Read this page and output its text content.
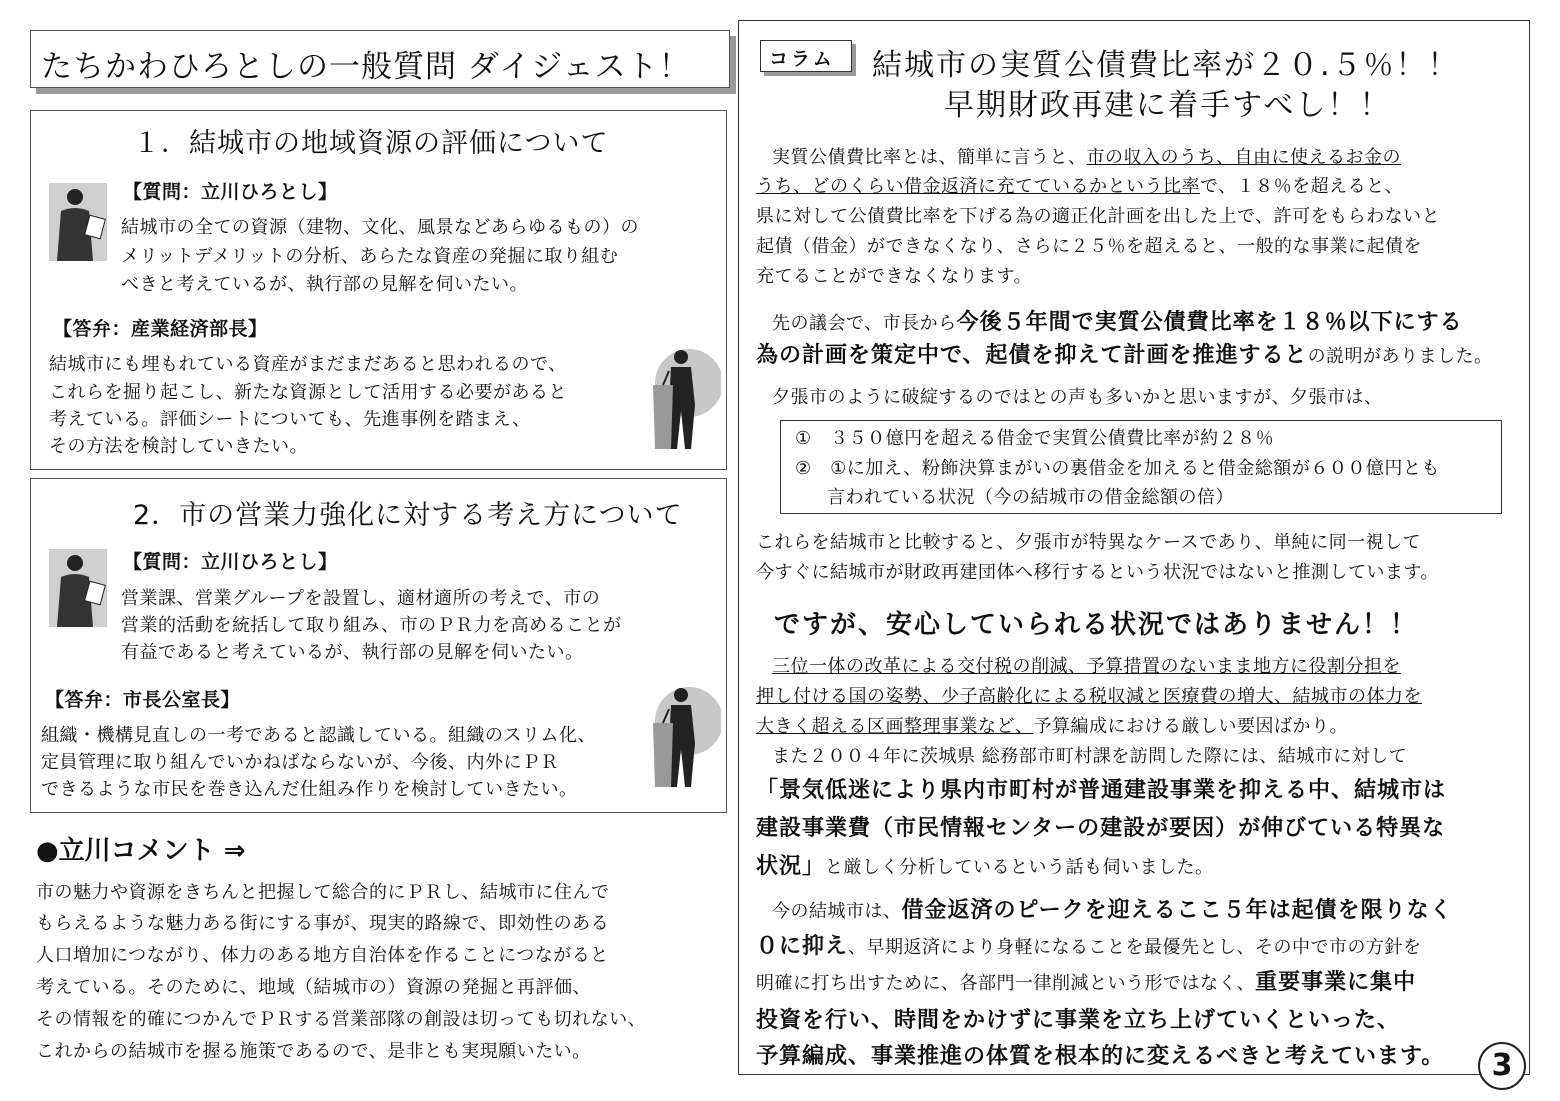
たちかわひろとしの一般質問 ダイジェスト！
１．結城市の地域資源の評価について
【質問：立川ひろとし】
結城市の全ての資源（建物、文化、風景などあらゆるもの）の
メリットデメリットの分析、あらたな資産の発掘に取り組む
べきと考えているが、執行部の見解を伺いたい。
【答弁：産業経済部長】
結城市にも埋もれている資産がまだまだあると思われるので、
これらを掘り起こし、新たな資源として活用する必要があると
考えている。評価シートについても、先進事例を踏まえ、
その方法を検討していきたい。
2．市の営業力強化に対する考え方について
【質問：立川ひろとし】
営業課、営業グループを設置し、適材適所の考えで、市の
営業的活動を統括して取り組み、市のＰＲ力を高めることが
有益であると考えているが、執行部の見解を伺いたい。
【答弁：市長公室長】
組織・機構見直しの一考であると認識している。組織のスリム化、
定員管理に取り組んでいかねばならないが、今後、内外にＰＲ
できるような市民を巻き込んだ仕組み作りを検討していきたい。
●立川コメント ⇒
市の魅力や資源をきちんと把握して総合的にＰＲし、結城市に住んで
もらえるような魅力ある街にする事が、現実的路線で、即効性のある
人口増加につながり、体力のある地方自治体を作ることにつながると
考えている。そのために、地域（結城市の）資源の発掘と再評価、
その情報を的確につかんでＰＲする営業部隊の創設は切っても切れない、
これからの結城市を握る施策であるので、是非とも実現願いたい。
コラム 結城市の実質公債費比率が２０.５％！！
早期財政再建に着手すべし！！
実質公債費比率とは、簡単に言うと、市の収入のうち、自由に使えるお金の
うち、どのくらい借金返済に充てているかという比率で、１８％を超えると、
県に対して公債費比率を下げる為の適正化計画を出した上で、許可をもらわないと
起債（借金）ができなくなり、さらに２５％を超えると、一般的な事業に起債を
充てることができなくなります。
先の議会で、市長から今後５年間で実質公債費比率を１８％以下にする
為の計画を策定中で、起債を抑えて計画を推進するとの説明がありました。
夕張市のように破綻するのではとの声も多いかと思いますが、夕張市は、
①　３５０億円を超える借金で実質公債費比率が約２８％
②　①に加え、粉飾決算まがいの裏借金を加えると借金総額が６００億円とも
言われている状況（今の結城市の借金総額の倍）
これらを結城市と比較すると、夕張市が特異なケースであり、単純に同一視して
今すぐに結城市が財政再建団体へ移行するという状況ではないと推測しています。
ですが、安心していられる状況ではありません！！
三位一体の改革による交付税の削減、予算措置のないまま地方に役割分担を
押し付ける国の姿勢、少子高齢化による税収減と医療費の増大、結城市の体力を
大きく超える区画整理事業など、予算編成における厳しい要因ばかり。
また２００４年に茨城県 総務部市町村課を訪問した際には、結城市に対して
「景気低迷により県内市町村が普通建設事業を抑える中、結城市は
建設事業費（市民情報センターの建設が要因）が伸びている特異な
状況」と厳しく分析しているという話も伺いました。
今の結城市は、借金返済のピークを迎えるここ５年は起債を限りなく
０に抑え、早期返済により身軽になることを最優先とし、その中で市の方針を
明確に打ち出すために、各部門一律削減という形ではなく、重要事業に集中
投資を行い、時間をかけずに事業を立ち上げていくといった、
予算編成、事業推進の体質を根本的に変えるべきと考えています。	3
